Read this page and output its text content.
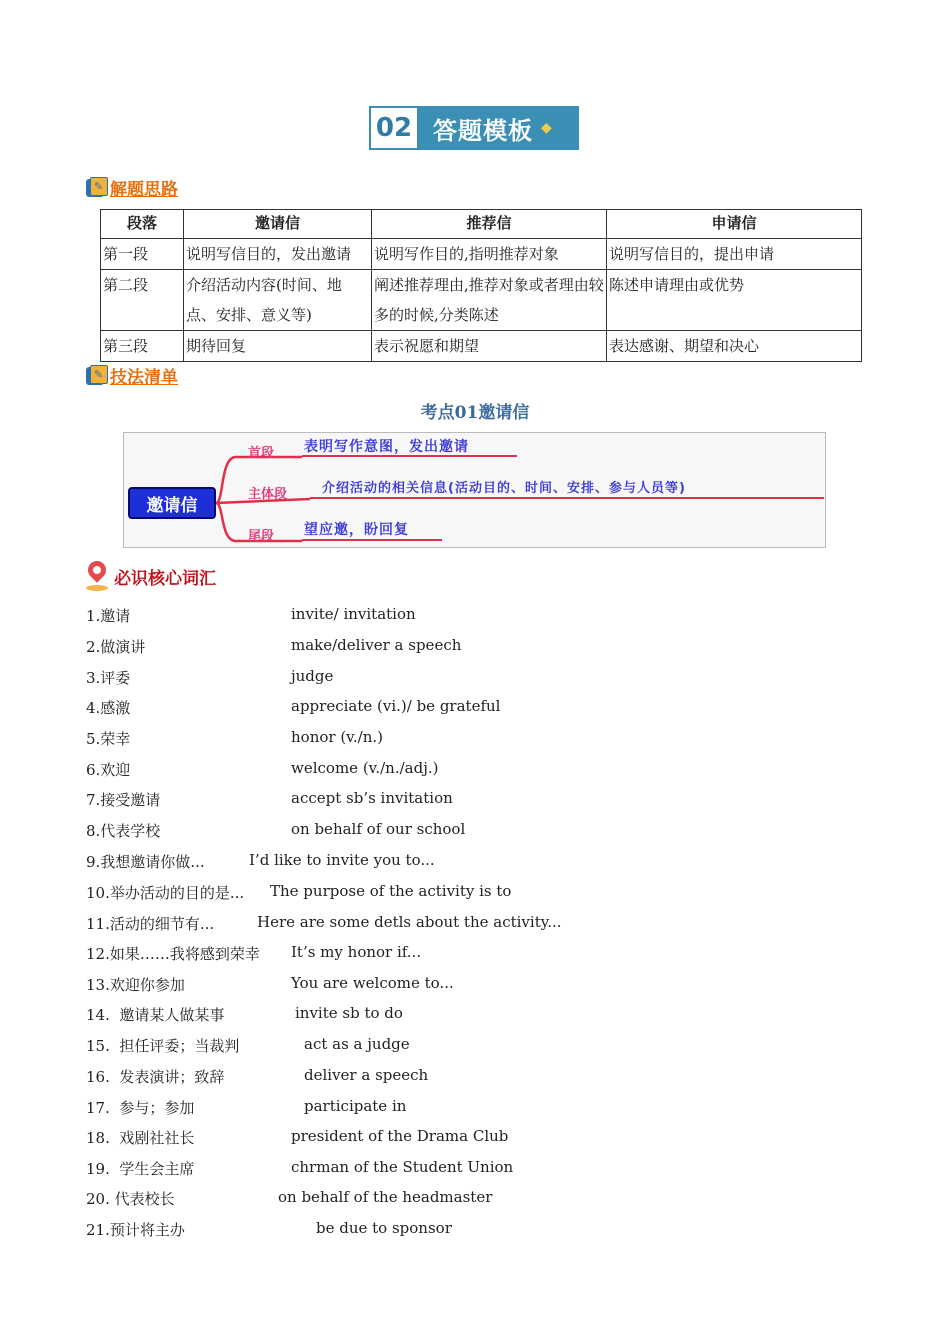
02 答题模板 ◆
✎ 解题思路
段落	邀请信	推荐信	申请信
第一段	说明写信目的，发出邀请	说明写作目的,指明推荐对象	说明写信目的，提出申请
第二段	介绍活动内容(时间、地点、安排、意义等)	阐述推荐理由,推荐对象或者理由较多的时候,分类陈述	陈述申请理由或优势
第三段	期待回复	表示祝愿和期望	表达感谢、期望和决心
✎ 技法清单
考点01邀请信
邀请信
首段 表明写作意图，发出邀请
主体段	介绍活动的相关信息(活动目的、时间、安排、参与人员等)
尾段 望应邀，盼回复
必识核心词汇
1.邀请	invite/ invitation
2.做演讲	make/deliver a speech
3.评委	judge
4.感激	appreciate (vi.)/ be grateful
5.荣幸	honor (v./n.)
6.欢迎	welcome (v./n./adj.)
7.接受邀请	accept sb’s invitation
8.代表学校	on behalf of our school
9.我想邀请你做...	I’d like to invite you to...
10.举办活动的目的是... The purpose of the activity is to
11.活动的细节有...	Here are some detls about the activity...
12.如果……我将感到荣幸 It’s my honor if...
13.欢迎你参加	You are welcome to...
14.  邀请某人做某事	invite sb to do
15.  担任评委；当裁判	act as a judge
16.  发表演讲；致辞	deliver a speech
17.  参与；参加	participate in
18.  戏剧社社长	president of the Drama Club
19.  学生会主席	chrman of the Student Union
20. 代表校长	on behalf of the headmaster
21.预计将主办	be due to sponsor
